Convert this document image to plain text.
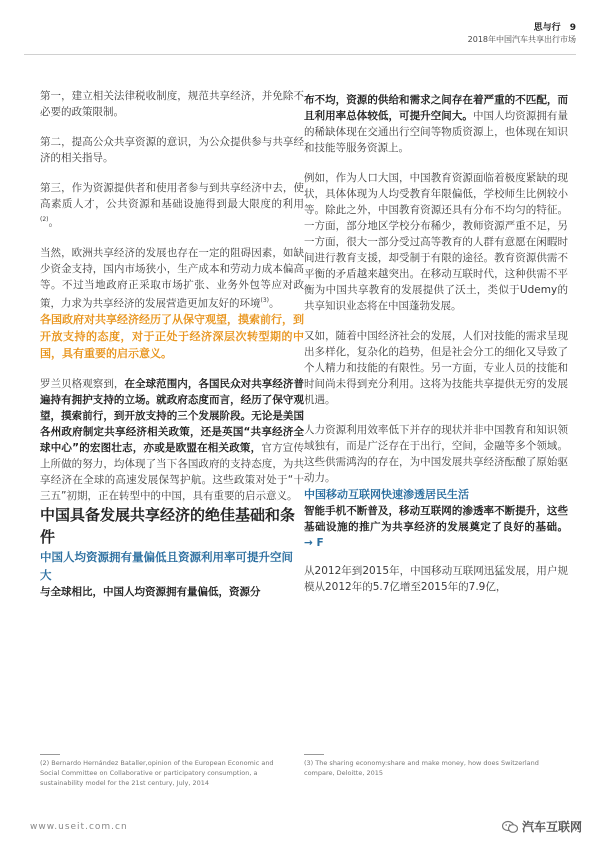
思与行 9
2018年中国汽车共享出行市场

第一，建立相关法律税收制度，规范共享经济，并免除不必要的政策限制。

第二，提高公众共享资源的意识，为公众提供参与共享经济的相关指导。

第三，作为资源提供者和使用者参与到共享经济中去，使高素质人才，公共资源和基础设施得到最大限度的利用$^{(2)}$。

当然，欧洲共享经济的发展也存在一定的阻碍因素，如缺少资金支持，国内市场狭小，生产成本和劳动力成本偏高等。不过当地政府正采取市场扩张、业务外包等应对政策，力求为共享经济的发展营造更加友好的环境$^{(3)}$。

各国政府对共享经济经历了从保守观望，摸索前行，到开放支持的态度，对于正处于经济深层次转型期的中国，具有重要的启示意义。

罗兰贝格观察到，在全球范围内，各国民众对共享经济普遍持有拥护支持的立场。就政府态度而言，经历了保守观望，摸索前行，到开放支持的三个发展阶段。无论是美国各州政府制定共享经济相关政策，还是英国“共享经济全球中心”的宏图壮志，亦或是欧盟在相关政策，官方宣传上所做的努力，均体现了当下各国政府的支持态度，为共享经济在全球的高速发展保驾护航。这些政策对处于“十三五”初期，正在转型中的中国，具有重要的启示意义。

中国具备发展共享经济的绝佳基础和条件

中国人均资源拥有量偏低且资源利用率可提升空间大

与全球相比，中国人均资源拥有量偏低，资源分

布不均，资源的供给和需求之间存在着严重的不匹配，而且利用率总体较低，可提升空间大。中国人均资源拥有量的稀缺体现在交通出行空间等物质资源上，也体现在知识和技能等服务资源上。

例如，作为人口大国，中国教育资源面临着极度紧缺的现状，具体体现为人均受教育年限偏低，学校师生比例较小等。除此之外，中国教育资源还具有分布不均匀的特征。一方面，部分地区学校分布稀少，教师资源严重不足，另一方面，很大一部分受过高等教育的人群有意愿在闲暇时间进行教育支援，却受制于有限的途径。教育资源供需不平衡的矛盾越来越突出。在移动互联时代，这种供需不平衡为中国共享教育的发展提供了沃土，类似于Udemy的共享知识业态将在中国蓬勃发展。

又如，随着中国经济社会的发展，人们对技能的需求呈现出多样化，复杂化的趋势，但是社会分工的细化又导致了个人精力和技能的有限性。另一方面，专业人员的技能和时间尚未得到充分利用。这将为技能共享提供无穷的发展机遇。

人力资源利用效率低下并存的现状并非中国教育和知识领域独有，而是广泛存在于出行，空间，金融等多个领域。这些供需鸿沟的存在，为中国发展共享经济酝酿了原始驱动力。

中国移动互联网快速渗透居民生活

智能手机不断普及，移动互联网的渗透率不断提升，这些基础设施的推广为共享经济的发展奠定了良好的基础。 → F

从2012年到2015年，中国移动互联网迅猛发展，用户规模从2012年的5.7亿增至2015年的7.9亿，

(2) Bernardo Hernández Bataller,opinion of the European Economic and Social Committee on Collaborative or participatory consumption, a sustainability model for the 21st century, July, 2014
(3) The sharing economy:share and make money, how does Switzerland compare, Deloitte, 2015
www.useit.com.cn	汽车互联网
